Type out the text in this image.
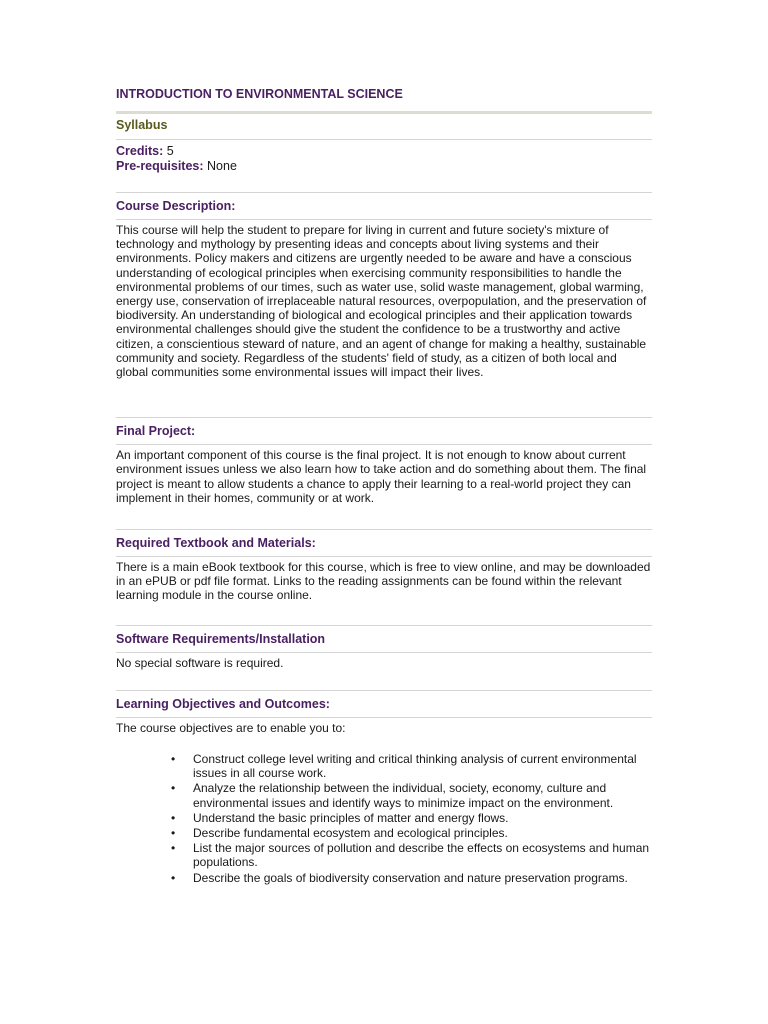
INTRODUCTION TO ENVIRONMENTAL SCIENCE
Syllabus
Credits: 5
Pre-requisites: None
Course Description:

This course will help the student to prepare for living in current and future society's mixture of technology and mythology by presenting ideas and concepts about living systems and their environments. Policy makers and citizens are urgently needed to be aware and have a conscious understanding of ecological principles when exercising community responsibilities to handle the environmental problems of our times, such as water use, solid waste management, global warming, energy use, conservation of irreplaceable natural resources, overpopulation, and the preservation of biodiversity. An understanding of biological and ecological principles and their application towards environmental challenges should give the student the confidence to be a trustworthy and active citizen, a conscientious steward of nature, and an agent of change for making a healthy, sustainable community and society. Regardless of the students' field of study, as a citizen of both local and global communities some environmental issues will impact their lives.

Final Project:

An important component of this course is the final project. It is not enough to know about current environment issues unless we also learn how to take action and do something about them. The final project is meant to allow students a chance to apply their learning to a real-world project they can implement in their homes, community or at work.

Required Textbook and Materials:

There is a main eBook textbook for this course, which is free to view online, and may be downloaded in an ePUB or pdf file format. Links to the reading assignments can be found within the relevant learning module in the course online.

Software Requirements/Installation

No special software is required.

Learning Objectives and Outcomes:

The course objectives are to enable you to:

• Construct college level writing and critical thinking analysis of current environmental issues in all course work.
• Analyze the relationship between the individual, society, economy, culture and environmental issues and identify ways to minimize impact on the environment.
• Understand the basic principles of matter and energy flows.
• Describe fundamental ecosystem and ecological principles.
• List the major sources of pollution and describe the effects on ecosystems and human populations.
• Describe the goals of biodiversity conservation and nature preservation programs.
